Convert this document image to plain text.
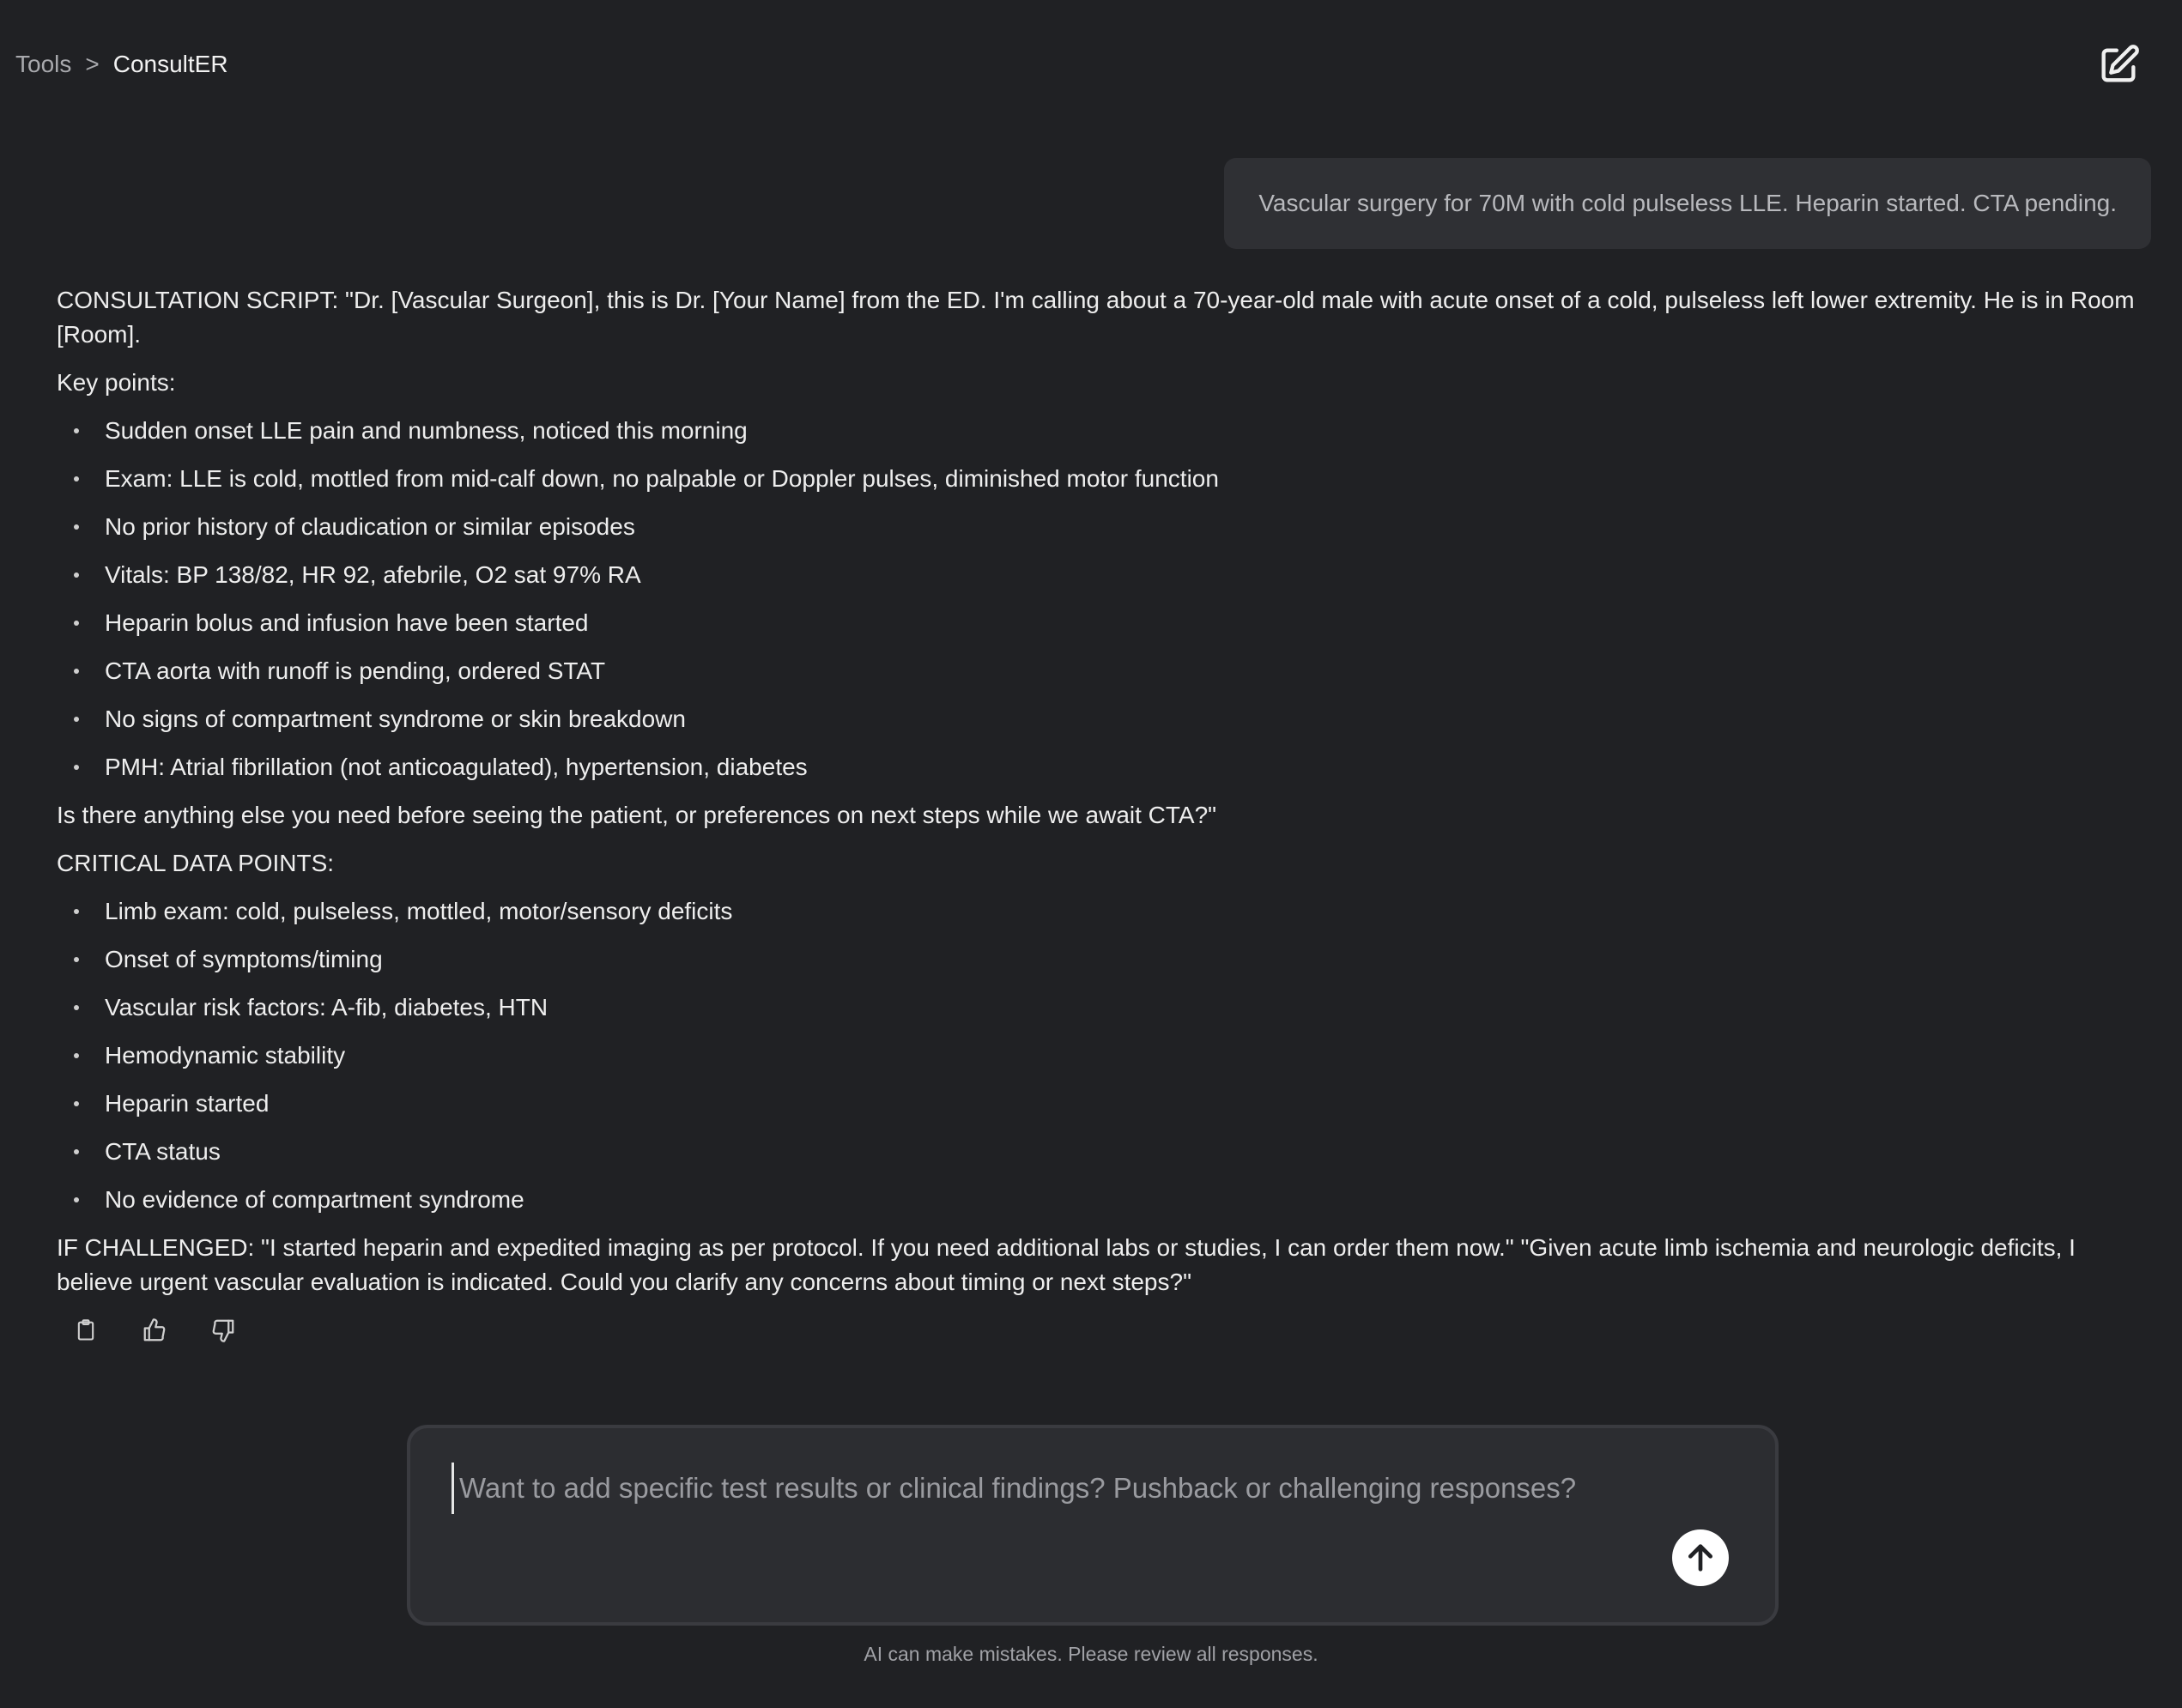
Tools > ConsultER
Vascular surgery for 70M with cold pulseless LLE. Heparin started. CTA pending.

CONSULTATION SCRIPT: "Dr. [Vascular Surgeon], this is Dr. [Your Name] from the ED. I'm calling about a 70-year-old male with acute onset of a cold, pulseless left lower extremity. He is in Room [Room].

Key points:

Sudden onset LLE pain and numbness, noticed this morning
Exam: LLE is cold, mottled from mid-calf down, no palpable or Doppler pulses, diminished motor function
No prior history of claudication or similar episodes
Vitals: BP 138/82, HR 92, afebrile, O2 sat 97% RA
Heparin bolus and infusion have been started
CTA aorta with runoff is pending, ordered STAT
No signs of compartment syndrome or skin breakdown
PMH: Atrial fibrillation (not anticoagulated), hypertension, diabetes

Is there anything else you need before seeing the patient, or preferences on next steps while we await CTA?"

CRITICAL DATA POINTS:

Limb exam: cold, pulseless, mottled, motor/sensory deficits
Onset of symptoms/timing
Vascular risk factors: A-fib, diabetes, HTN
Hemodynamic stability
Heparin started
CTA status
No evidence of compartment syndrome

IF CHALLENGED: "I started heparin and expedited imaging as per protocol. If you need additional labs or studies, I can order them now." "Given acute limb ischemia and neurologic deficits, I believe urgent vascular evaluation is indicated. Could you clarify any concerns about timing or next steps?"

Want to add specific test results or clinical findings? Pushback or challenging responses?
AI can make mistakes. Please review all responses.
